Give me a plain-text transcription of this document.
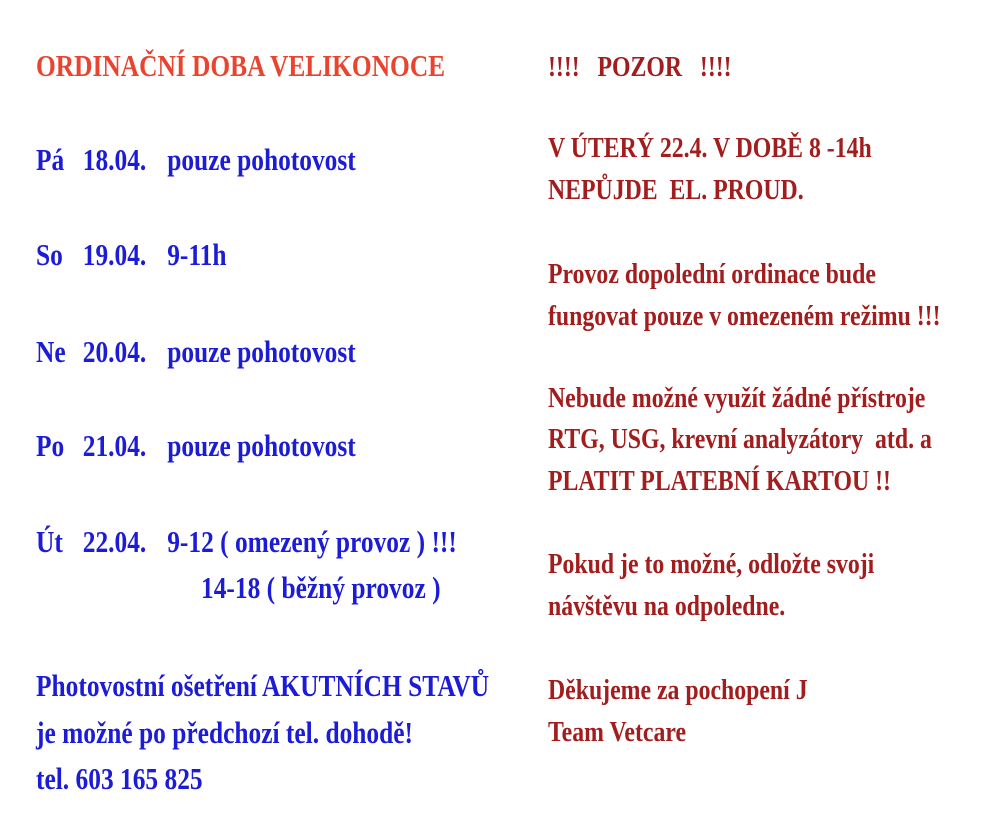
ORDINAČNÍ DOBA VELIKONOCE
Pá 18.04. pouze pohotovost
So 19.04. 9-11h
Ne 20.04. pouze pohotovost
Po 21.04. pouze pohotovost
Út 22.04. 9-12 ( omezený provoz ) !!!
14-18 ( běžný provoz )
Photovostní ošetření AKUTNÍCH STAVŮ
je možné po předchozí tel. dohodě!
tel. 603 165 825
!!!!   POZOR   !!!!
V ÚTERÝ 22.4. V DOBĚ 8 -14h
NEPŮJDE  EL. PROUD.
Provoz dopolední ordinace bude
fungovat pouze v omezeném režimu !!!
Nebude možné využít žádné přístroje
RTG, USG, krevní analyzátory  atd. a
PLATIT PLATEBNÍ KARTOU !!
Pokud je to možné, odložte svoji
návštěvu na odpoledne.
Děkujeme za pochopení J
Team Vetcare
